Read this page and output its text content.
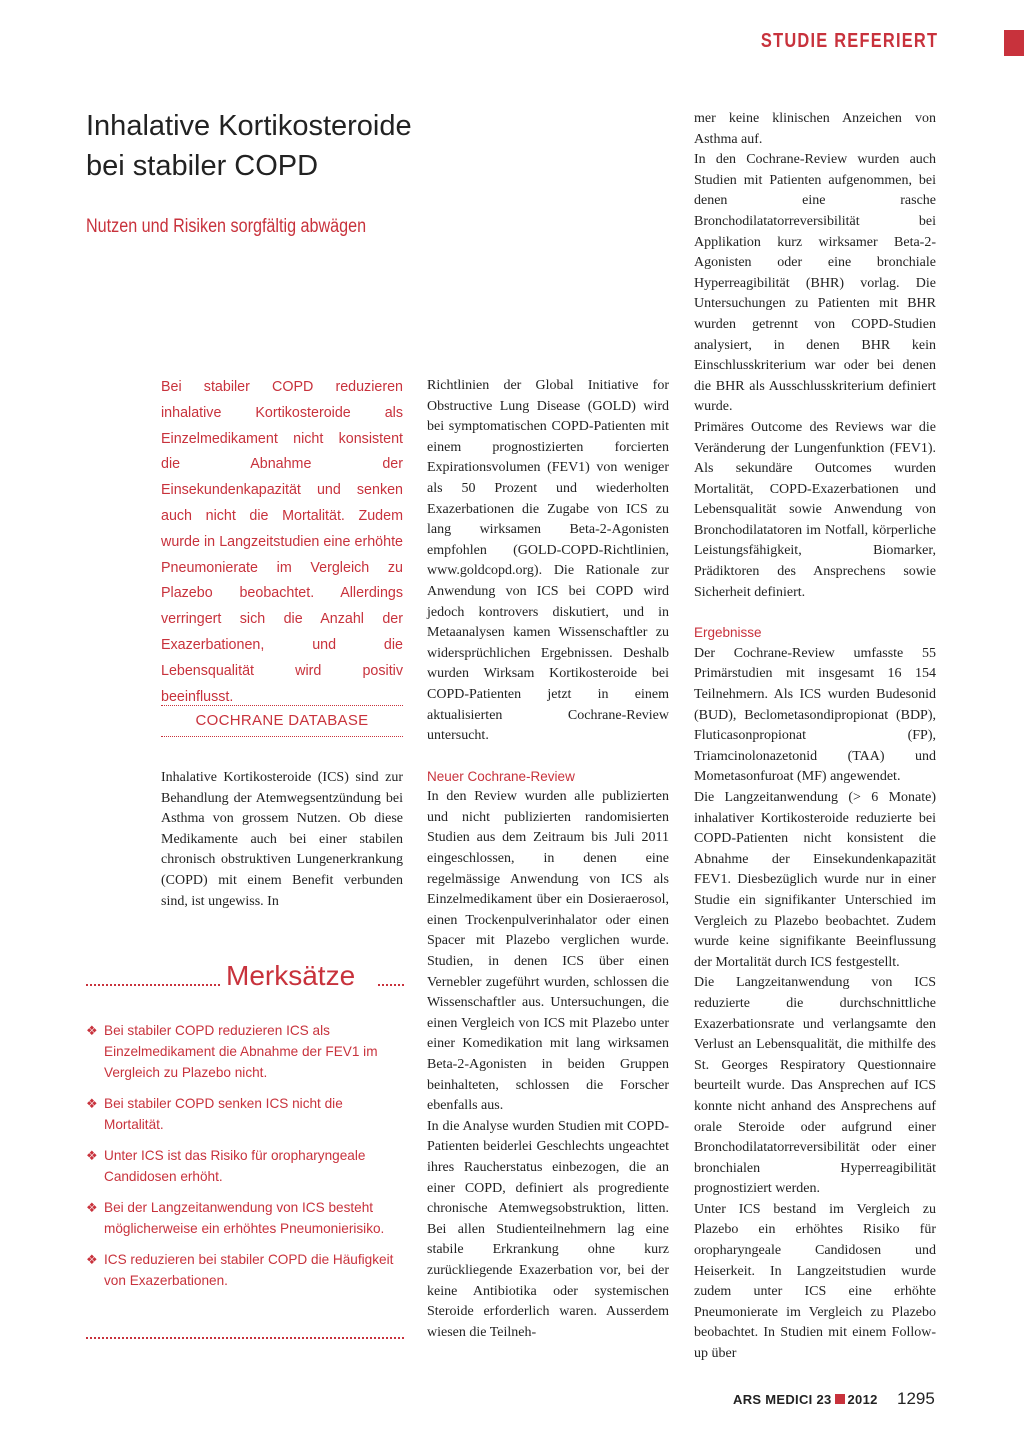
STUDIE REFERIERT
Inhalative Kortikosteroide
bei stabiler COPD
Nutzen und Risiken sorgfältig abwägen

Bei stabiler COPD reduzieren inhalative Kortikosteroide als Einzelmedikament nicht konsistent die Abnahme der Einsekundenkapazität und senken auch nicht die Mortalität. Zudem wurde in Langzeitstudien eine erhöhte Pneumonierate im Vergleich zu Plazebo beobachtet. Allerdings verringert sich die Anzahl der Exazerbationen, und die Lebensqualität wird positiv beeinflusst.

COCHRANE DATABASE

Inhalative Kortikosteroide (ICS) sind zur Behandlung der Atemwegsentzündung bei Asthma von grossem Nutzen. Ob diese Medikamente auch bei einer stabilen chronisch obstruktiven Lungenerkrankung (COPD) mit einem Benefit verbunden sind, ist ungewiss. In

Merksätze
❖ Bei stabiler COPD reduzieren ICS als Einzelmedikament die Abnahme der FEV1 im Vergleich zu Plazebo nicht.
❖ Bei stabiler COPD senken ICS nicht die Mortalität.
❖ Unter ICS ist das Risiko für oropharyngeale Candidosen erhöht.
❖ Bei der Langzeitanwendung von ICS besteht möglicherweise ein erhöhtes Pneumonierisiko.
❖ ICS reduzieren bei stabiler COPD die Häufigkeit von Exazerbationen.

Richtlinien der Global Initiative for Obstructive Lung Disease (GOLD) wird bei symptomatischen COPD-Patienten mit einem prognostizierten forcierten Expirationsvolumen (FEV1) von weniger als 50 Prozent und wiederholten Exazerbationen die Zugabe von ICS zu lang wirksamen Beta-2-Agonisten empfohlen (GOLD-COPD-Richtlinien, www.goldcopd.org). Die Rationale zur Anwendung von ICS bei COPD wird jedoch kontrovers diskutiert, und in Metaanalysen kamen Wissenschaftler zu widersprüchlichen Ergebnissen. Deshalb wurden Wirksam Kortikosteroide bei COPD-Patienten jetzt in einem aktualisierten Cochrane-Review untersucht.

Neuer Cochrane-Review

In den Review wurden alle publizierten und nicht publizierten randomisierten Studien aus dem Zeitraum bis Juli 2011 eingeschlossen, in denen eine regelmässige Anwendung von ICS als Einzelmedikament über ein Dosieraerosol, einen Trockenpulverinhalator oder einen Spacer mit Plazebo verglichen wurde. Studien, in denen ICS über einen Vernebler zugeführt wurden, schlossen die Wissenschaftler aus. Untersuchungen, die einen Vergleich von ICS mit Plazebo unter einer Komedikation mit lang wirksamen Beta-2-Agonisten in beiden Gruppen beinhalteten, schlossen die Forscher ebenfalls aus.

In die Analyse wurden Studien mit COPD-Patienten beiderlei Geschlechts ungeachtet ihres Raucherstatus einbezogen, die an einer COPD, definiert als progrediente chronische Atemwegsobstruktion, litten. Bei allen Studienteilnehmern lag eine stabile Erkrankung ohne kurz zurückliegende Exazerbation vor, bei der keine Antibiotika oder systemischen Steroide erforderlich waren. Ausserdem wiesen die Teilneh-

mer keine klinischen Anzeichen von Asthma auf.

In den Cochrane-Review wurden auch Studien mit Patienten aufgenommen, bei denen eine rasche Bronchodilatatorreversibilität bei Applikation kurz wirksamer Beta-2-Agonisten oder eine bronchiale Hyperreagibilität (BHR) vorlag. Die Untersuchungen zu Patienten mit BHR wurden getrennt von COPD-Studien analysiert, in denen BHR kein Einschlusskriterium war oder bei denen die BHR als Ausschlusskriterium definiert wurde.

Primäres Outcome des Reviews war die Veränderung der Lungenfunktion (FEV1). Als sekundäre Outcomes wurden Mortalität, COPD-Exazerbationen und Lebensqualität sowie Anwendung von Bronchodilatatoren im Notfall, körperliche Leistungsfähigkeit, Biomarker, Prädiktoren des Ansprechens sowie Sicherheit definiert.

Ergebnisse

Der Cochrane-Review umfasste 55 Primärstudien mit insgesamt 16 154 Teilnehmern. Als ICS wurden Budesonid (BUD), Beclometasondipropionat (BDP), Fluticasonpropionat (FP), Triamcinolonazetonid (TAA) und Mometasonfuroat (MF) angewendet.

Die Langzeitanwendung (> 6 Monate) inhalativer Kortikosteroide reduzierte bei COPD-Patienten nicht konsistent die Abnahme der Einsekundenkapazität FEV1. Diesbezüglich wurde nur in einer Studie ein signifikanter Unterschied im Vergleich zu Plazebo beobachtet. Zudem wurde keine signifikante Beeinflussung der Mortalität durch ICS festgestellt.

Die Langzeitanwendung von ICS reduzierte die durchschnittliche Exazerbationsrate und verlangsamte den Verlust an Lebensqualität, die mithilfe des St. Georges Respiratory Questionnaire beurteilt wurde. Das Ansprechen auf ICS konnte nicht anhand des Ansprechens auf orale Steroide oder aufgrund einer Bronchodilatatorreversibilität oder einer bronchialen Hyperreagibilität prognostiziert werden.

Unter ICS bestand im Vergleich zu Plazebo ein erhöhtes Risiko für oropharyngeale Candidosen und Heiserkeit. In Langzeitstudien wurde zudem unter ICS eine erhöhte Pneumonierate im Vergleich zu Plazebo beobachtet. In Studien mit einem Follow-up über

ARS MEDICI 23 2012 1295
